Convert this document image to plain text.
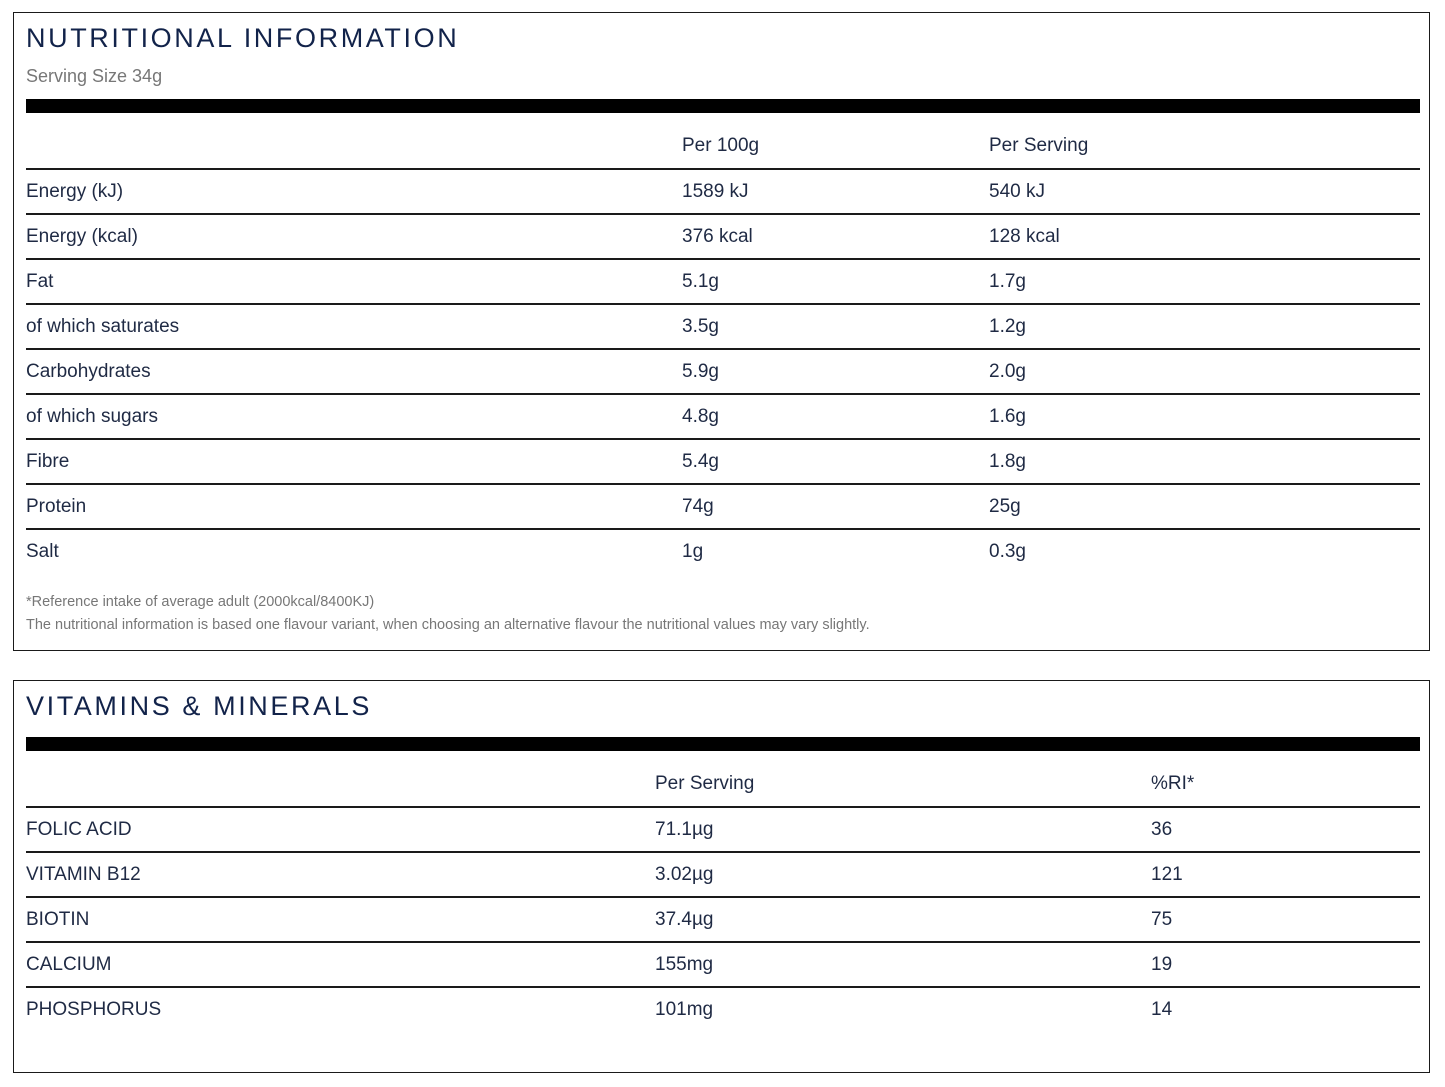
NUTRITIONAL INFORMATION
Serving Size 34g
	Per 100g	Per Serving
Energy (kJ)	1589 kJ	540 kJ
Energy (kcal)	376 kcal	128 kcal
Fat	5.1g	1.7g
of which saturates	3.5g	1.2g
Carbohydrates	5.9g	2.0g
of which sugars	4.8g	1.6g
Fibre	5.4g	1.8g
Protein	74g	25g
Salt	1g	0.3g
*Reference intake of average adult (2000kcal/8400KJ)
The nutritional information is based one flavour variant, when choosing an alternative flavour the nutritional values may vary slightly.
VITAMINS & MINERALS
	Per Serving	%RI*
FOLIC ACID	71.1µg	36
VITAMIN B12	3.02µg	121
BIOTIN	37.4µg	75
CALCIUM	155mg	19
PHOSPHORUS	101mg	14
